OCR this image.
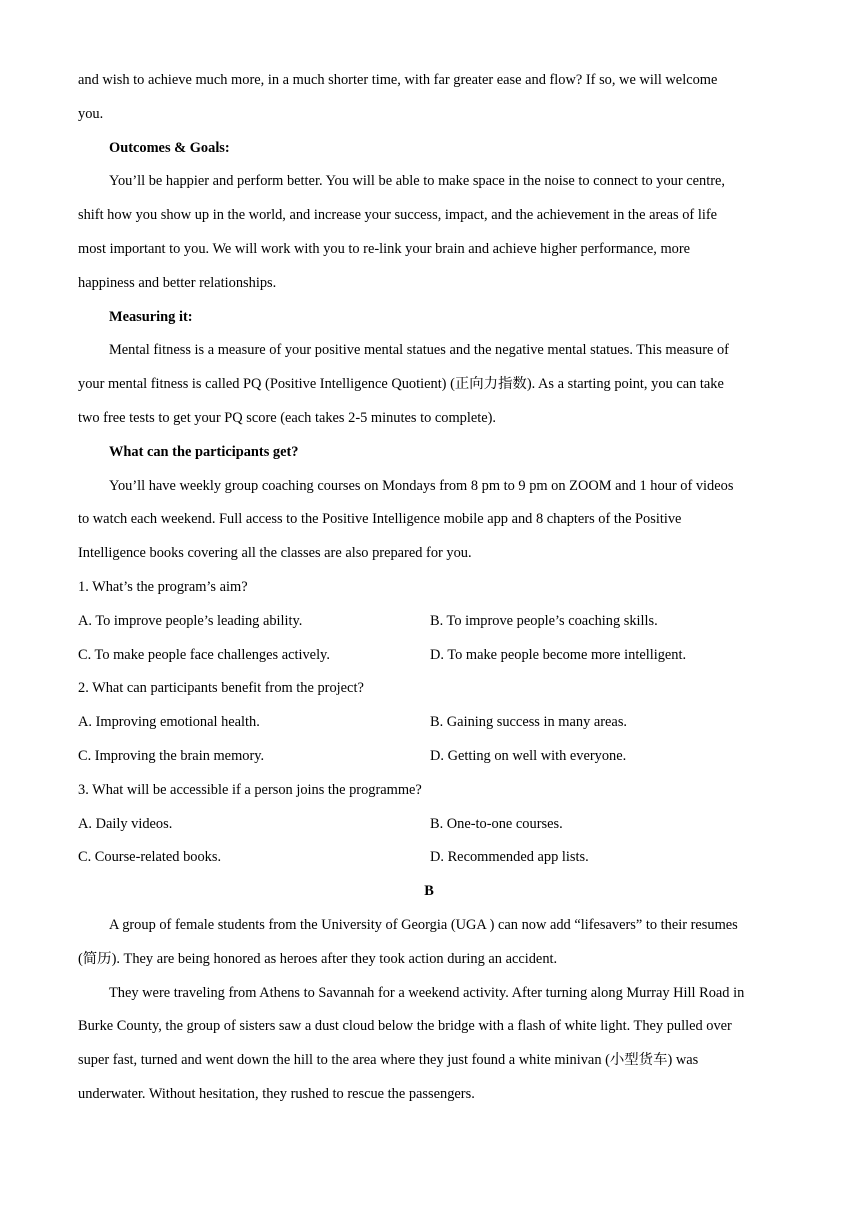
and wish to achieve much more, in a much shorter time, with far greater ease and flow? If so, we will welcome
you.
Outcomes & Goals:
You’ll be happier and perform better. You will be able to make space in the noise to connect to your centre,
shift how you show up in the world, and increase your success, impact, and the achievement in the areas of life
most important to you. We will work with you to re-link your brain and achieve higher performance, more
happiness and better relationships.
Measuring it:
Mental fitness is a measure of your positive mental statues and the negative mental statues. This measure of
your mental fitness is called PQ (Positive Intelligence Quotient) (正向力指数). As a starting point, you can take
two free tests to get your PQ score (each takes 2-5 minutes to complete).
What can the participants get?
You’ll have weekly group coaching courses on Mondays from 8 pm to 9 pm on ZOOM and 1 hour of videos
to watch each weekend. Full access to the Positive Intelligence mobile app and 8 chapters of the Positive
Intelligence books covering all the classes are also prepared for you.
1. What’s the program’s aim?
A. To improve people’s leading ability.	B. To improve people’s coaching skills.
C. To make people face challenges actively.	D. To make people become more intelligent.
2. What can participants benefit from the project?
A. Improving emotional health.	B. Gaining success in many areas.
C. Improving the brain memory.	D. Getting on well with everyone.
3. What will be accessible if a person joins the programme?
A. Daily videos.	B. One-to-one courses.
C. Course-related books.	D. Recommended app lists.
B
A group of female students from the University of Georgia (UGA ) can now add “lifesavers” to their resumes
(简历). They are being honored as heroes after they took action during an accident.
They were traveling from Athens to Savannah for a weekend activity. After turning along Murray Hill Road in
Burke County, the group of sisters saw a dust cloud below the bridge with a flash of white light. They pulled over
super fast, turned and went down the hill to the area where they just found a white minivan (小型货车) was
underwater. Without hesitation, they rushed to rescue the passengers.
